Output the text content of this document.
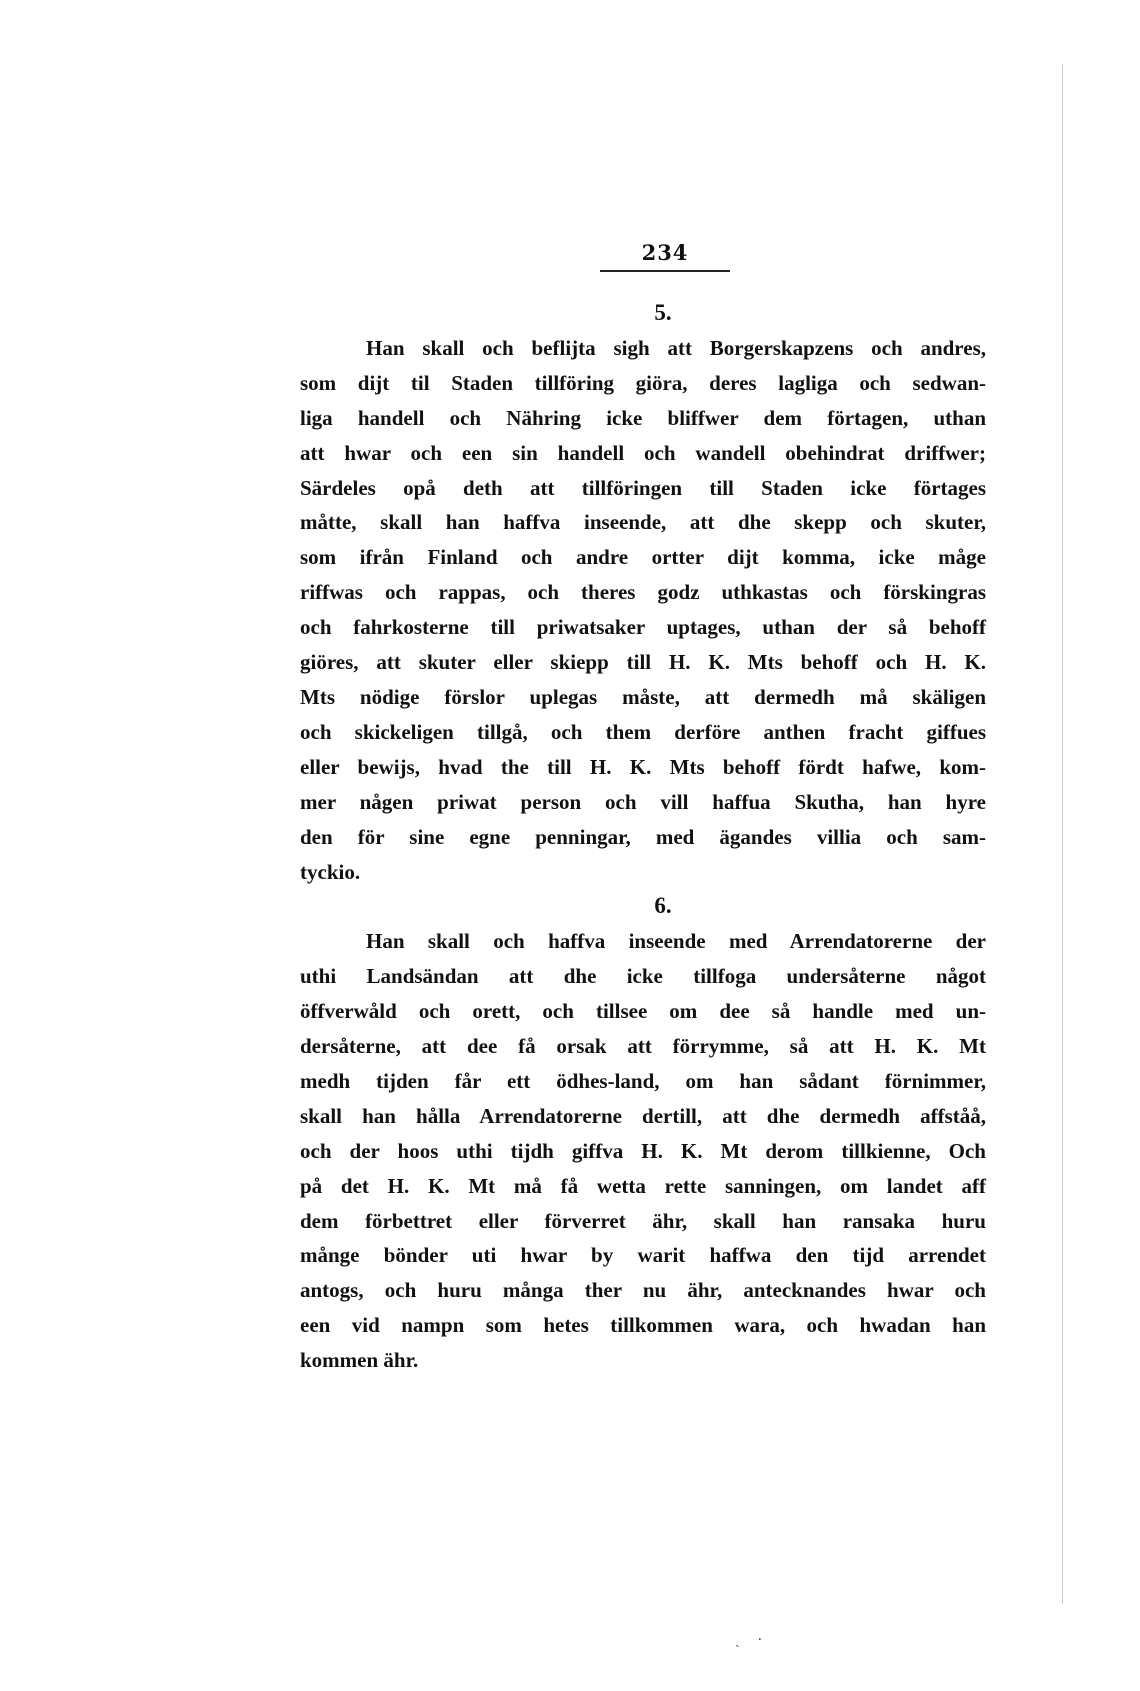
234

5.

Han skall och beflijta sigh att Borgerskapzens och andres,
som dijt til Staden tillföring giöra, deres lagliga och sedwan-
liga handell och Nähring icke bliffwer dem förtagen, uthan
att hwar och een sin handell och wandell obehindrat driffwer;
Särdeles opå deth att tillföringen till Staden icke förtages
måtte, skall han haffva inseende, att dhe skepp och skuter,
som ifrån Finland och andre ortter dijt komma, icke måge
riffwas och rappas, och theres godz uthkastas och förskingras
och fahrkosterne till priwatsaker uptages, uthan der så behoff
giöres, att skuter eller skiepp till H. K. Mts behoff och H. K.
Mts nödige förslor uplegas måste, att dermedh må skäligen
och skickeligen tillgå, och them derföre anthen fracht giffues
eller bewijs, hvad the till H. K. Mts behoff fördt hafwe, kom-
mer någen priwat person och vill haffua Skutha, han hyre
den för sine egne penningar, med ägandes villia och sam-
tyckio.

6.

Han skall och haffva inseende med Arrendatorerne der
uthi Landsändan att dhe icke tillfoga undersåterne något
öffverwåld och orett, och tillsee om dee så handle med un-
dersåterne, att dee få orsak att förrymme, så att H. K. Mt
medh tijden får ett ödhes-land, om han sådant förnimmer,
skall han hålla Arrendatorerne dertill, att dhe dermedh affståå,
och der hoos uthi tijdh giffva H. K. Mt derom tillkienne, Och
på det H. K. Mt må få wetta rette sanningen, om landet aff
dem förbettret eller förverret ähr, skall han ransaka huru
månge bönder uti hwar by warit haffwa den tijd arrendet
antogs, och huru många ther nu ähr, antecknandes hwar och
een vid nampn som hetes tillkommen wara, och hwadan han
kommen ähr.

ˏ·
